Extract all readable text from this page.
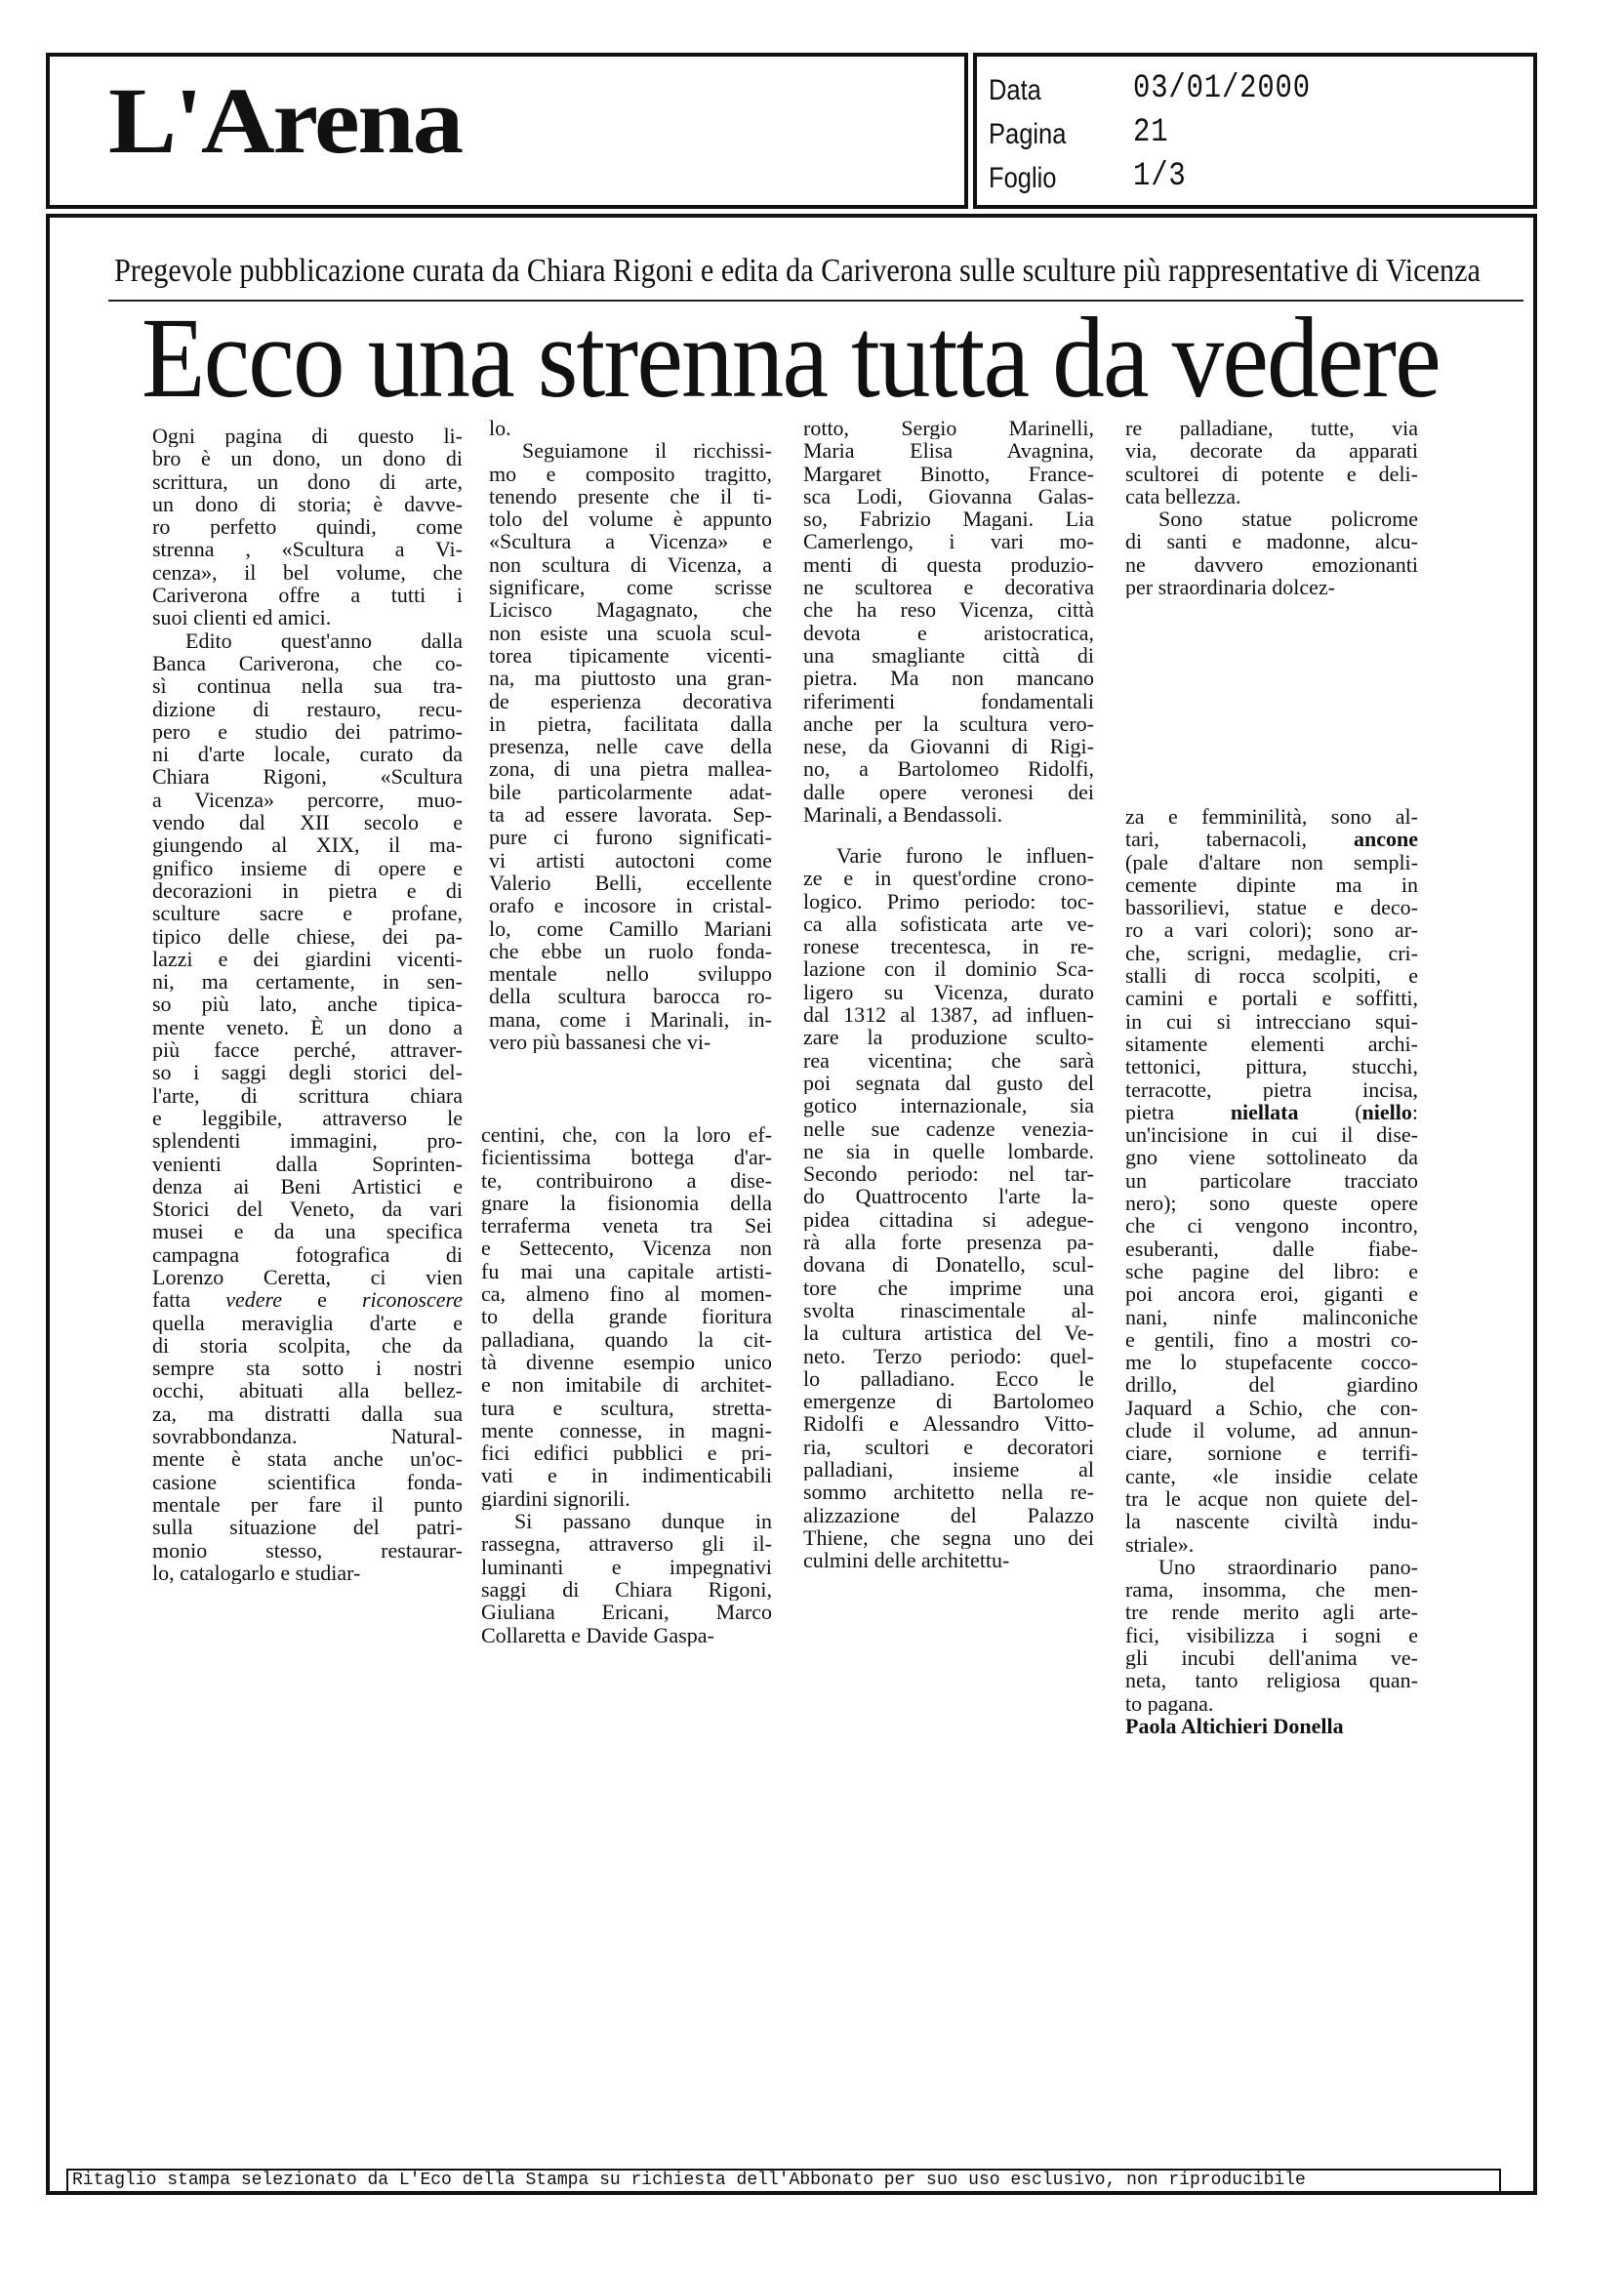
L'Arena	Data	03/01/2000
Pagina 21
Foglio 1/3
Pregevole pubblicazione curata da Chiara Rigoni e edita da Cariverona sulle sculture più rappresentative di Vicenza
Ecco una strenna tutta da vedere
Ogni pagina di questo li-
bro è un dono, un dono di
scrittura, un dono di arte,
un dono di storia; è davve-
ro perfetto quindi, come
strenna , «Scultura a Vi-
cenza», il bel volume, che
Cariverona offre a tutti i
suoi clienti ed amici.
Edito quest'anno dalla
Banca Cariverona, che co-
sì continua nella sua tra-
dizione di restauro, recu-
pero e studio dei patrimo-
ni d'arte locale, curato da
Chiara Rigoni, «Scultura
a Vicenza» percorre, muo-
vendo dal XII secolo e
giungendo al XIX, il ma-
gnifico insieme di opere e
decorazioni in pietra e di
sculture sacre e profane,
tipico delle chiese, dei pa-
lazzi e dei giardini vicenti-
ni, ma certamente, in sen-
so più lato, anche tipica-
mente veneto. È un dono a
più facce perché, attraver-
so i saggi degli storici del-
l'arte, di scrittura chiara
e leggibile, attraverso le
splendenti immagini, pro-
venienti dalla Soprinten-
denza ai Beni Artistici e
Storici del Veneto, da vari
musei e da una specifica
campagna fotografica di
Lorenzo Ceretta, ci vien
fatta vedere e riconoscere
quella meraviglia d'arte e
di storia scolpita, che da
sempre sta sotto i nostri
occhi, abituati alla bellez-
za, ma distratti dalla sua
sovrabbondanza. Natural-
mente è stata anche un'oc-
casione scientifica fonda-
mentale per fare il punto
sulla situazione del patri-
monio stesso, restaurar-
lo, catalogarlo e studiar-
lo.
Seguiamone il ricchissi-
mo e composito tragitto,
tenendo presente che il ti-
tolo del volume è appunto
«Scultura a Vicenza» e
non scultura di Vicenza, a
significare, come scrisse
Licisco Magagnato, che
non esiste una scuola scul-
torea tipicamente vicenti-
na, ma piuttosto una gran-
de esperienza decorativa
in pietra, facilitata dalla
presenza, nelle cave della
zona, di una pietra mallea-
bile particolarmente adat-
ta ad essere lavorata. Sep-
pure ci furono significati-
vi artisti autoctoni come
Valerio Belli, eccellente
orafo e incosore in cristal-
lo, come Camillo Mariani
che ebbe un ruolo fonda-
mentale nello sviluppo
della scultura barocca ro-
mana, come i Marinali, in-
vero più bassanesi che vi-
centini, che, con la loro ef-
ficientissima bottega d'ar-
te, contribuirono a dise-
gnare la fisionomia della
terraferma veneta tra Sei
e Settecento, Vicenza non
fu mai una capitale artisti-
ca, almeno fino al momen-
to della grande fioritura
palladiana, quando la cit-
tà divenne esempio unico
e non imitabile di architet-
tura e scultura, stretta-
mente connesse, in magni-
fici edifici pubblici e pri-
vati e in indimenticabili
giardini signorili.
Si passano dunque in
rassegna, attraverso gli il-
luminanti e impegnativi
saggi di Chiara Rigoni,
Giuliana Ericani, Marco
Collaretta e Davide Gaspa-
rotto, Sergio Marinelli,
Maria Elisa Avagnina,
Margaret Binotto, France-
sca Lodi, Giovanna Galas-
so, Fabrizio Magani. Lia
Camerlengo, i vari mo-
menti di questa produzio-
ne scultorea e decorativa
che ha reso Vicenza, città
devota e aristocratica,
una smagliante città di
pietra. Ma non mancano
riferimenti fondamentali
anche per la scultura vero-
nese, da Giovanni di Rigi-
no, a Bartolomeo Ridolfi,
dalle opere veronesi dei
Marinali, a Bendassoli.
Varie furono le influen-
ze e in quest'ordine crono-
logico. Primo periodo: toc-
ca alla sofisticata arte ve-
ronese trecentesca, in re-
lazione con il dominio Sca-
ligero su Vicenza, durato
dal 1312 al 1387, ad influen-
zare la produzione sculto-
rea vicentina; che sarà
poi segnata dal gusto del
gotico internazionale, sia
nelle sue cadenze venezia-
ne sia in quelle lombarde.
Secondo periodo: nel tar-
do Quattrocento l'arte la-
pidea cittadina si adegue-
rà alla forte presenza pa-
dovana di Donatello, scul-
tore che imprime una
svolta rinascimentale al-
la cultura artistica del Ve-
neto. Terzo periodo: quel-
lo palladiano. Ecco le
emergenze di Bartolomeo
Ridolfi e Alessandro Vitto-
ria, scultori e decoratori
palladiani, insieme al
sommo architetto nella re-
alizzazione del Palazzo
Thiene, che segna uno dei
culmini delle architettu-
re palladiane, tutte, via
via, decorate da apparati
scultorei di potente e deli-
cata bellezza.
Sono statue policrome
di santi e madonne, alcu-
ne davvero emozionanti
per straordinaria dolcez-
za e femminilità, sono al-
tari, tabernacoli, ancone
(pale d'altare non sempli-
cemente dipinte ma in
bassorilievi, statue e deco-
ro a vari colori); sono ar-
che, scrigni, medaglie, cri-
stalli di rocca scolpiti, e
camini e portali e soffitti,
in cui si intrecciano squi-
sitamente elementi archi-
tettonici, pittura, stucchi,
terracotte, pietra incisa,
pietra niellata (niello:
un'incisione in cui il dise-
gno viene sottolineato da
un particolare tracciato
nero); sono queste opere
che ci vengono incontro,
esuberanti, dalle fiabe-
sche pagine del libro: e
poi ancora eroi, giganti e
nani, ninfe malinconiche
e gentili, fino a mostri co-
me lo stupefacente cocco-
drillo, del giardino
Jaquard a Schio, che con-
clude il volume, ad annun-
ciare, sornione e terrifi-
cante, «le insidie celate
tra le acque non quiete del-
la nascente civiltà indu-
striale».
Uno straordinario pano-
rama, insomma, che men-
tre rende merito agli arte-
fici, visibilizza i sogni e
gli incubi dell'anima ve-
neta, tanto religiosa quan-
to pagana.
Paola Altichieri Donella
Ritaglio stampa selezionato da L'Eco della Stampa su richiesta dell'Abbonato per suo uso esclusivo, non riproducibile
